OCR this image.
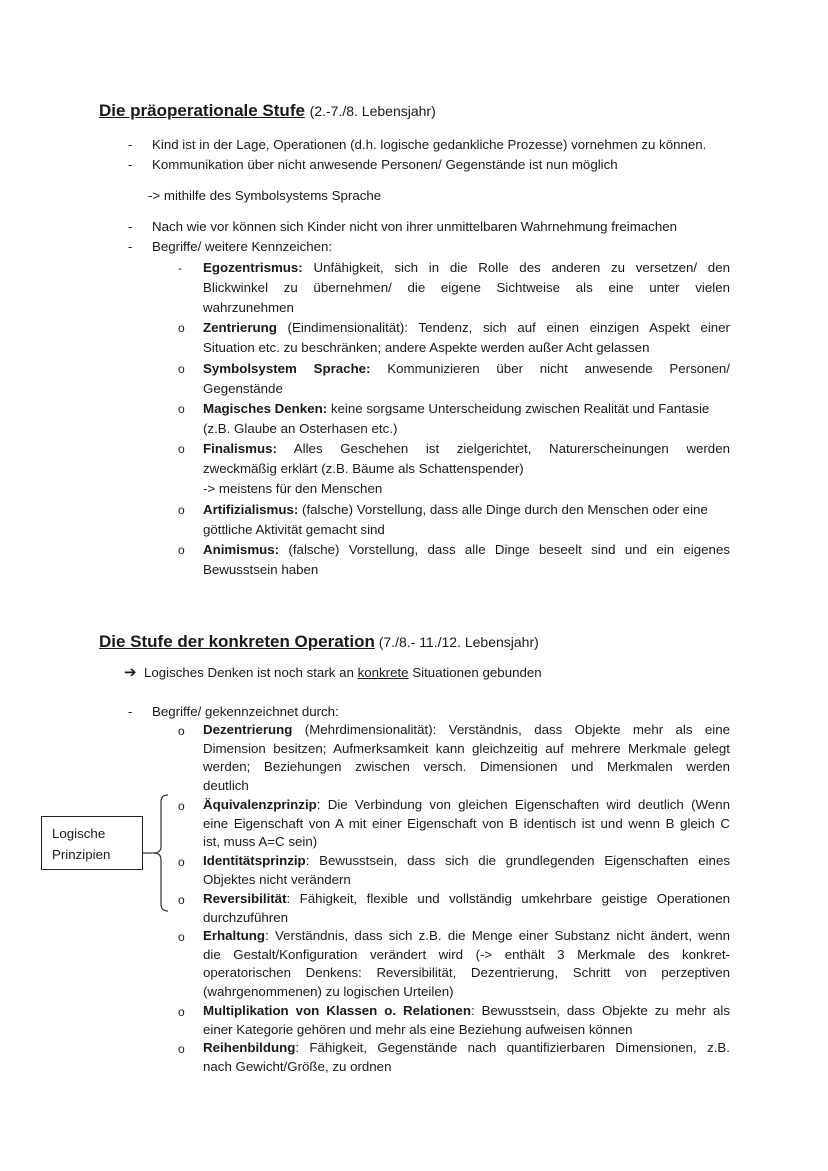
Die präoperationale Stufe (2.-7./8. Lebensjahr)
- Kind ist in der Lage, Operationen (d.h. logische gedankliche Prozesse) vornehmen zu können.
- Kommunikation über nicht anwesende Personen/ Gegenstände ist nun möglich
-> mithilfe des Symbolsystems Sprache
- Nach wie vor können sich Kinder nicht von ihrer unmittelbaren Wahrnehmung freimachen
- Begriffe/ weitere Kennzeichen:
- Egozentrismus: Unfähigkeit, sich in die Rolle des anderen zu versetzen/ den
Blickwinkel zu übernehmen/ die eigene Sichtweise als eine unter vielen
wahrzunehmen
o Zentrierung (Eindimensionalität): Tendenz, sich auf einen einzigen Aspekt einer
Situation etc. zu beschränken; andere Aspekte werden außer Acht gelassen
o Symbolsystem Sprache: Kommunizieren über nicht anwesende Personen/
Gegenstände
o Magisches Denken: keine sorgsame Unterscheidung zwischen Realität und Fantasie
(z.B. Glaube an Osterhasen etc.)
o Finalismus: Alles Geschehen ist zielgerichtet, Naturerscheinungen werden
zweckmäßig erklärt (z.B. Bäume als Schattenspender)
-> meistens für den Menschen
o Artifizialismus: (falsche) Vorstellung, dass alle Dinge durch den Menschen oder eine
göttliche Aktivität gemacht sind
o Animismus: (falsche) Vorstellung, dass alle Dinge beseelt sind und ein eigenes
Bewusstsein haben
Die Stufe der konkreten Operation (7./8.- 11./12. Lebensjahr)
➔ Logisches Denken ist noch stark an konkrete Situationen gebunden
- Begriffe/ gekennzeichnet durch:
Logische
Prinzipien
o Dezentrierung (Mehrdimensionalität): Verständnis, dass Objekte mehr als eine
Dimension besitzen; Aufmerksamkeit kann gleichzeitig auf mehrere Merkmale gelegt
werden; Beziehungen zwischen versch. Dimensionen und Merkmalen werden
deutlich
o Äquivalenzprinzip: Die Verbindung von gleichen Eigenschaften wird deutlich (Wenn
eine Eigenschaft von A mit einer Eigenschaft von B identisch ist und wenn B gleich C
ist, muss A=C sein)
o Identitätsprinzip: Bewusstsein, dass sich die grundlegenden Eigenschaften eines
Objektes nicht verändern
o Reversibilität: Fähigkeit, flexible und vollständig umkehrbare geistige Operationen
durchzuführen
o Erhaltung: Verständnis, dass sich z.B. die Menge einer Substanz nicht ändert, wenn
die Gestalt/Konfiguration verändert wird (-> enthält 3 Merkmale des konkret-
operatorischen Denkens: Reversibilität, Dezentrierung, Schritt von perzeptiven
(wahrgenommenen) zu logischen Urteilen)
o Multiplikation von Klassen o. Relationen: Bewusstsein, dass Objekte zu mehr als
einer Kategorie gehören und mehr als eine Beziehung aufweisen können
o Reihenbildung: Fähigkeit, Gegenstände nach quantifizierbaren Dimensionen, z.B.
nach Gewicht/Größe, zu ordnen
